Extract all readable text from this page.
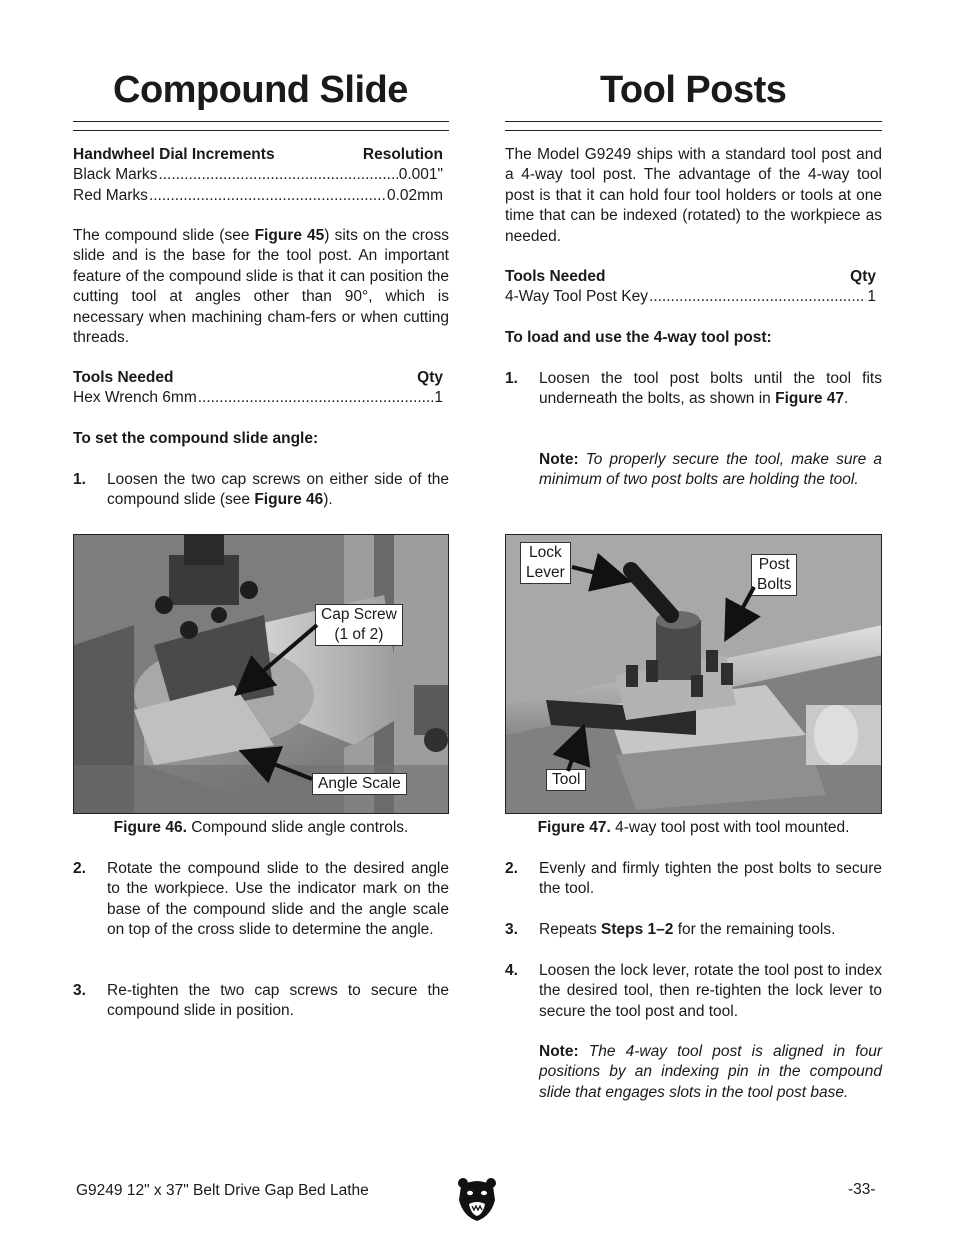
Compound Slide
Handwheel Dial Increments	Resolution
Black Marks .....	0.001"
Red Marks .....	0.02mm
The compound slide (see Figure 45) sits on the cross slide and is the base for the tool post. An important feature of the compound slide is that it can position the cutting tool at angles other than 90°, which is necessary when machining cham-fers or when cutting threads.
Tools Needed	Qty
Hex Wrench 6mm .....	1
To set the compound slide angle:
1.	Loosen the two cap screws on either side of the compound slide (see Figure 46).
Cap Screw
(1 of 2)
Angle Scale
Figure 46. Compound slide angle controls.
2.	Rotate the compound slide to the desired angle to the workpiece. Use the indicator mark on the base of the compound slide and the angle scale on top of the cross slide to determine the angle.
3.	Re-tighten the two cap screws to secure the compound slide in position.
Tool Posts
The Model G9249 ships with a standard tool post and a 4-way tool post. The advantage of the 4-way tool post is that it can hold four tool holders or tools at one time that can be indexed (rotated) to the workpiece as needed.
Tools Needed	Qty
4-Way Tool Post Key .....	1
To load and use the 4-way tool post:
1.	Loosen the tool post bolts until the tool fits underneath the bolts, as shown in Figure 47.
Note: To properly secure the tool, make sure a minimum of two post bolts are holding the tool.
Lock
Lever	Post
Bolts
Tool
Figure 47. 4-way tool post with tool mounted.
2.	Evenly and firmly tighten the post bolts to secure the tool.
3.	Repeats Steps 1–2 for the remaining tools.
4.	Loosen the lock lever, rotate the tool post to index the desired tool, then re-tighten the lock lever to secure the tool post and tool.
Note: The 4-way tool post is aligned in four positions by an indexing pin in the compound slide that engages slots in the tool post base.
G9249 12" x 37" Belt Drive Gap Bed Lathe	-33-
